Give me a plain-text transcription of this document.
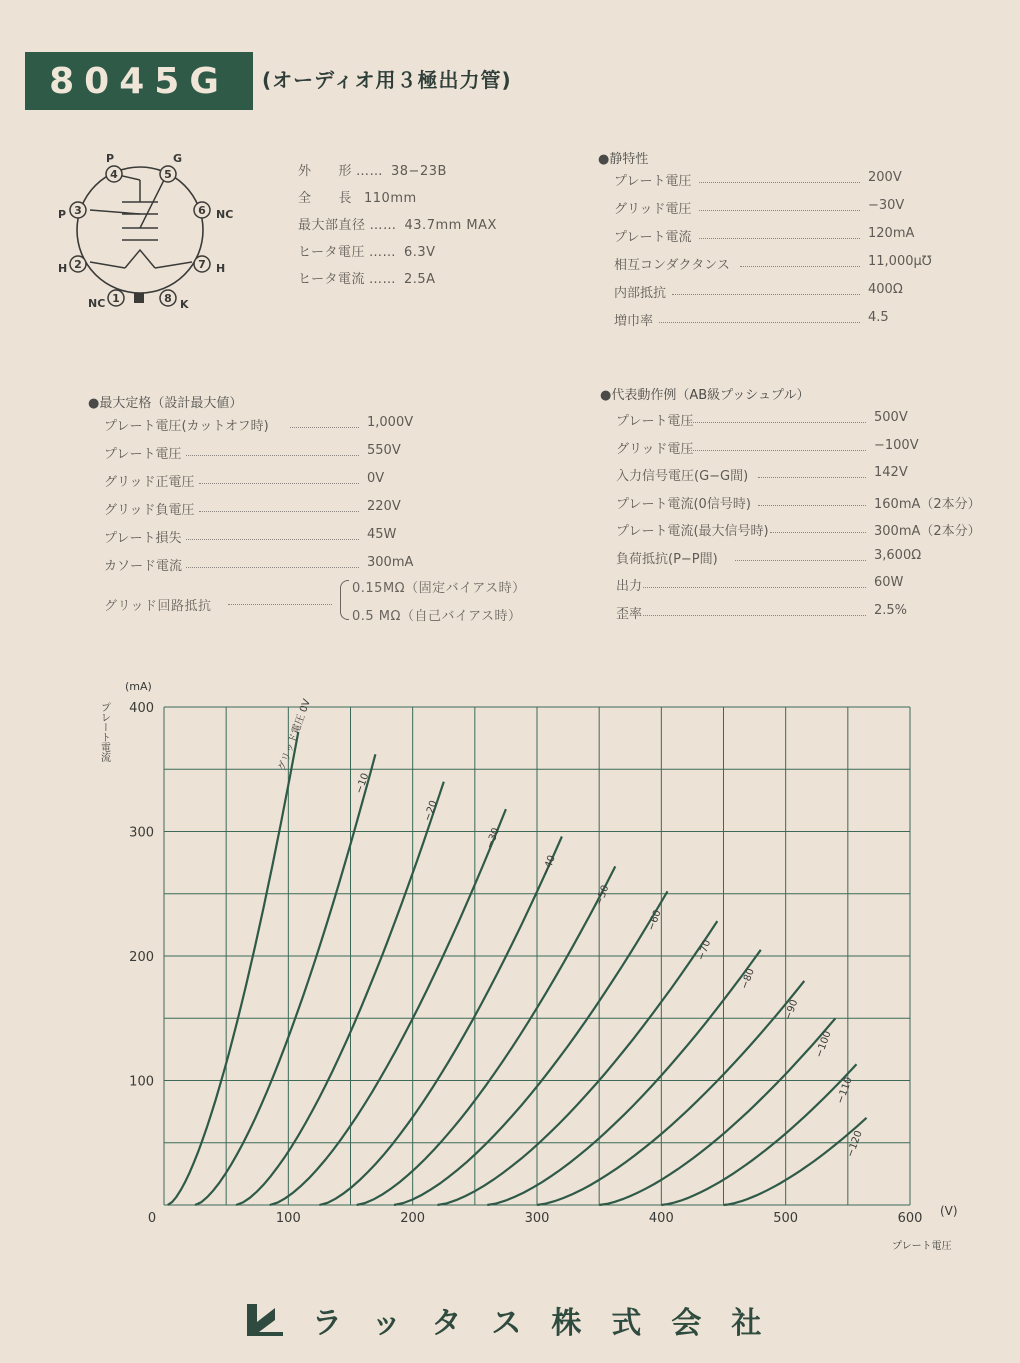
8045G	(オーディオ用３極出力管)
1
NC
2
H
3
P
4
P
5
G
6 NC
7 H
8 K
外　　形 …… 38−23B
全　　長 110mm
最大部直径 …… 43.7mm MAX
ヒータ電圧 …… 6.3V
ヒータ電流 …… 2.5A
●静特性
プレート電圧	200V
グリッド電圧	−30V
プレート電流	120mA
相互コンダクタンス	11,000μ℧
内部抵抗	400Ω
増巾率	4.5
●最大定格（設計最大値）
プレート電圧(カットオフ時)	1,000V
プレート電圧	550V
グリッド正電圧	0V
グリッド負電圧	220V
プレート損失	45W
カソード電流	300mA
グリッド回路抵抗
0.15MΩ（固定バイアス時）
0.5 MΩ（自己バイアス時）
●代表動作例（AB級プッシュプル）
プレート電圧	500V
グリッド電圧	−100V
入力信号電圧(G−G間)	142V
プレート電流(0信号時)	160mA（2本分）
プレート電流(最大信号時)	300mA（2本分）
負荷抵抗(P−P間)	3,600Ω
出力	60W
歪率	2.5%
0	100	200	300	400	500	600
100
200
300
400
(mA)
プレート電流
(V)
プレート電圧
グリッド電圧 0V
−10
−20
−30
−40
−50
−60
−70
−80
−90
−100
−110
−120
ラッタス株式会社
